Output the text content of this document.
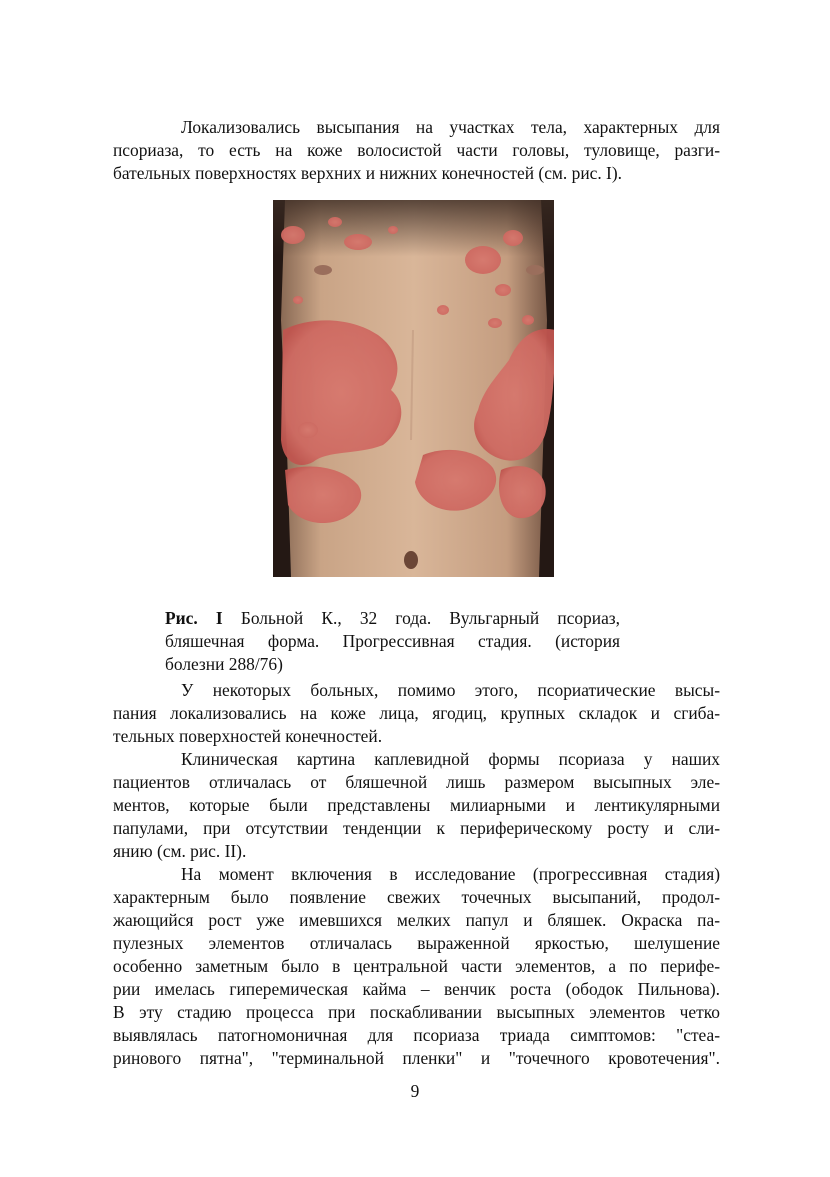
Локализовались высыпания на участках тела, характерных для
псориаза, то есть на коже волосистой части головы, туловище, разги-
бательных поверхностях верхних и нижних конечностей (см. рис. I).

Рис. I Больной К., 32 года. Вульгарный псориаз,
бляшечная форма. Прогрессивная стадия. (история
болезни 288/76)

У некоторых больных, помимо этого, псориатические высы-
пания локализовались на коже лица, ягодиц, крупных складок и сгиба-
тельных поверхностей конечностей.

Клиническая картина каплевидной формы псориаза у наших
пациентов отличалась от бляшечной лишь размером высыпных эле-
ментов, которые были представлены милиарными и лентикулярными
папулами, при отсутствии тенденции к периферическому росту и сли-
янию (см. рис. II).

На момент включения в исследование (прогрессивная стадия)
характерным было появление свежих точечных высыпаний, продол-
жающийся рост уже имевшихся мелких папул и бляшек. Окраска па-
пулезных элементов отличалась выраженной яркостью, шелушение
особенно заметным было в центральной части элементов, а по перифе-
рии имелась гиперемическая кайма – венчик роста (ободок Пильнова).
В эту стадию процесса при поскабливании высыпных элементов четко
выявлялась патогномоничная для псориаза триада симптомов: "стеа-
ринового пятна", "терминальной пленки" и "точечного кровотечения".

9
